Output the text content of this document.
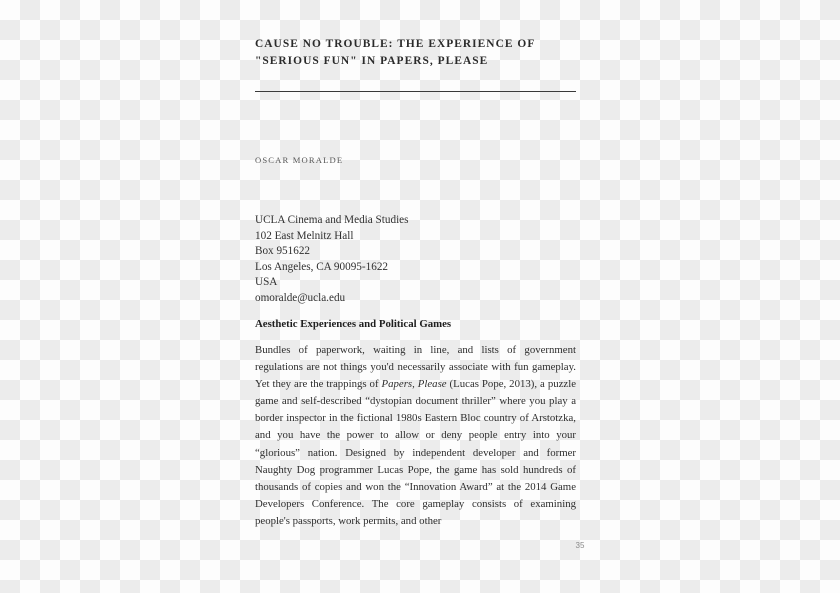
CAUSE NO TROUBLE: THE EXPERIENCE OF "SERIOUS FUN" IN PAPERS, PLEASE
OSCAR MORALDE
UCLA Cinema and Media Studies
102 East Melnitz Hall
Box 951622
Los Angeles, CA 90095-1622
USA
omoralde@ucla.edu
Aesthetic Experiences and Political Games

Bundles of paperwork, waiting in line, and lists of government regulations are not things you'd necessarily associate with fun gameplay. Yet they are the trappings of Papers, Please (Lucas Pope, 2013), a puzzle game and self-described “dystopian document thriller” where you play a border inspector in the fictional 1980s Eastern Bloc country of Arstotzka, and you have the power to allow or deny people entry into your “glorious” nation. Designed by independent developer and former Naughty Dog programmer Lucas Pope, the game has sold hundreds of thousands of copies and won the “Innovation Award” at the 2014 Game Developers Conference. The core gameplay consists of examining people's passports, work permits, and other

35
